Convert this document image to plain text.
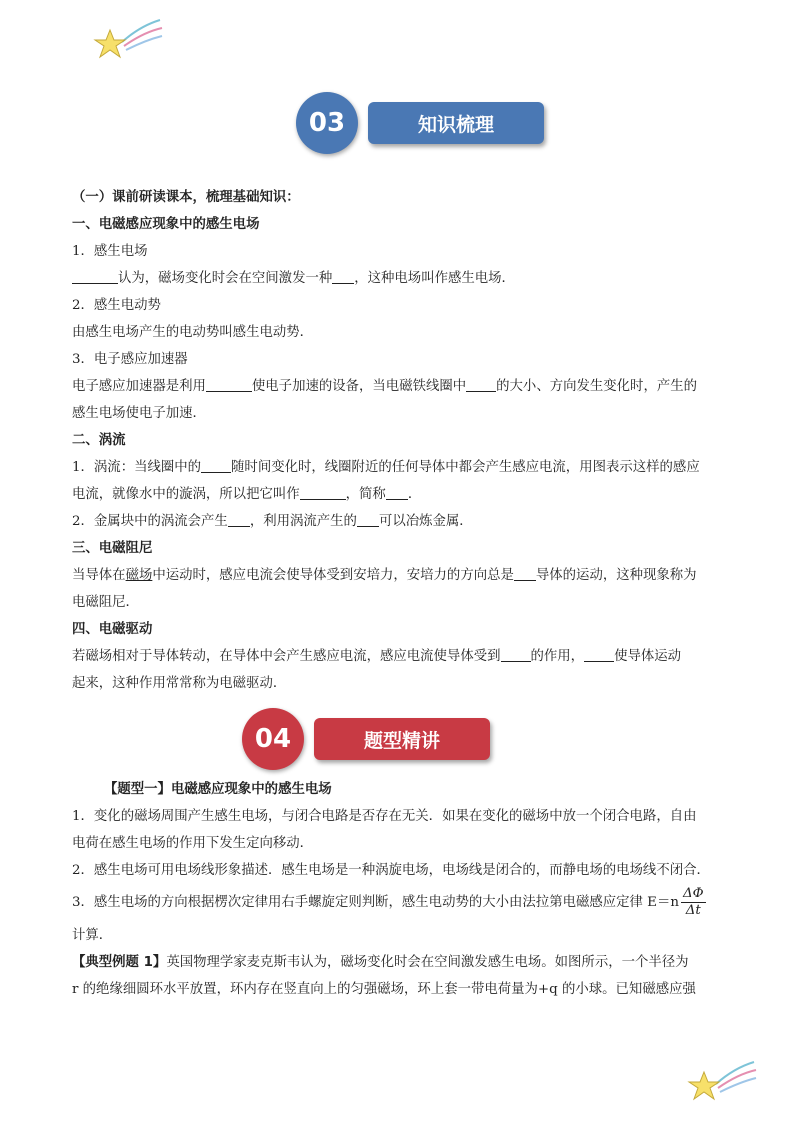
03	知识梳理
（一）课前研读课本，梳理基础知识：
一、电磁感应现象中的感生电场
1．感生电场
认为，磁场变化时会在空间激发一种 ，这种电场叫作感生电场．
2．感生电动势
由感生电场产生的电动势叫感生电动势．
3．电子感应加速器
电子感应加速器是利用	使电子加速的设备，当电磁铁线圈中 的大小、方向发生变化时，产生的
感生电场使电子加速．
二、涡流
1．涡流：当线圈中的 随时间变化时，线圈附近的任何导体中都会产生感应电流，用图表示这样的感应
电流，就像水中的漩涡，所以把它叫作	，简称 ．
2．金属块中的涡流会产生 ，利用涡流产生的 可以冶炼金属．
三、电磁阻尼
当导体在磁场中运动时，感应电流会使导体受到安培力，安培力的方向总是 导体的运动，这种现象称为
电磁阻尼．
四、电磁驱动
若磁场相对于导体转动，在导体中会产生感应电流，感应电流使导体受到 的作用， 使导体运动
起来，这种作用常常称为电磁驱动．
04	题型精讲
【题型一】电磁感应现象中的感生电场
1．变化的磁场周围产生感生电场，与闭合电路是否存在无关．如果在变化的磁场中放一个闭合电路，自由
电荷在感生电场的作用下发生定向移动．
2．感生电场可用电场线形象描述．感生电场是一种涡旋电场，电场线是闭合的，而静电场的电场线不闭合．
3．感生电场的方向根据楞次定律用右手螺旋定则判断，感生电动势的大小由法拉第电磁感应定律 $E=n \frac{\Delta\Phi}{\Delta t}$
计算．
【典型例题 1】英国物理学家麦克斯韦认为，磁场变化时会在空间激发感生电场。如图所示，一个半径为
r 的绝缘细圆环水平放置，环内存在竖直向上的匀强磁场，环上套一带电荷量为+q 的小球。已知磁感应强
